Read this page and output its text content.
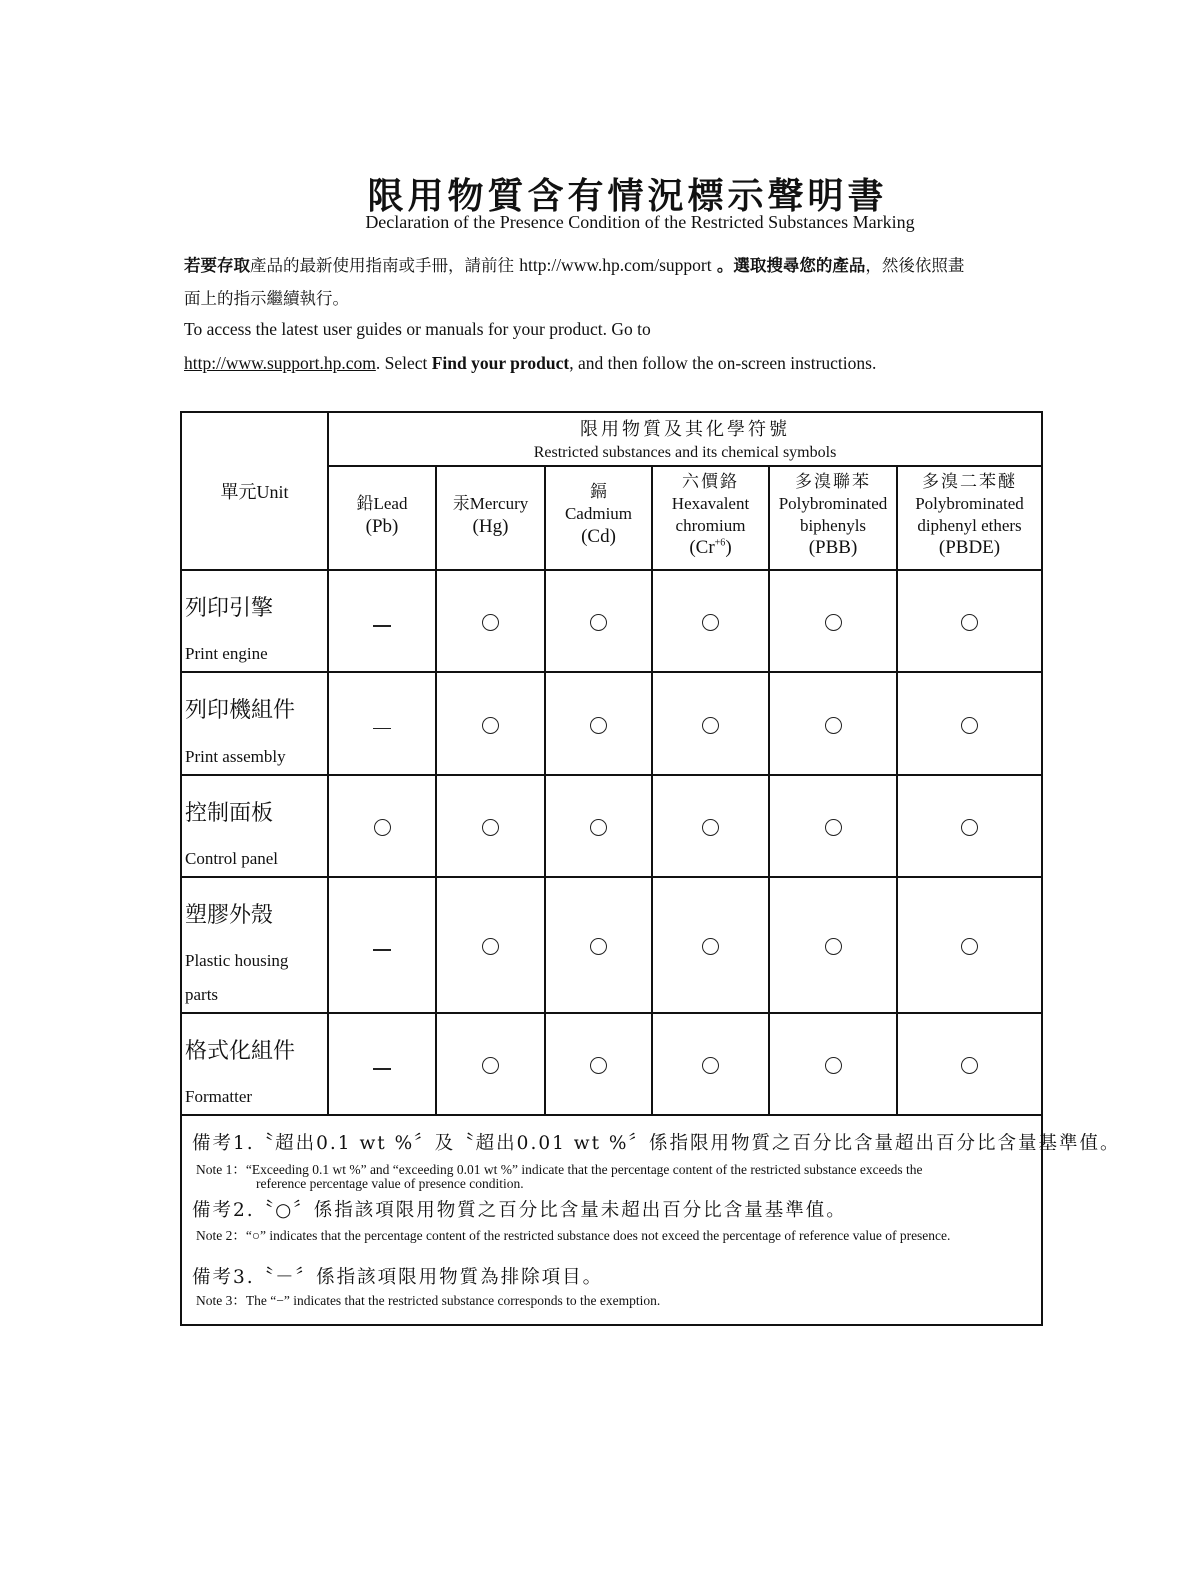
限用物質含有情況標示聲明書
Declaration of the Presence Condition of the Restricted Substances Marking
若要存取產品的最新使用指南或手冊，請前往 http://www.hp.com/support 。選取搜尋您的產品，然後依照畫
面上的指示繼續執行。
To access the latest user guides or manuals for your product. Go to
http://www.support.hp.com. Select Find your product, and then follow the on-screen instructions.
單元Unit
限用物質及其化學符號
Restricted substances and its chemical symbols
鉛Lead
(Pb)
汞Mercury
(Hg)
鎘
Cadmium
(Cd)
六價鉻
Hexavalent
chromium
$(Cr^{+6})$
多溴聯苯
Polybrominated
biphenyls
(PBB)
多溴二苯醚
Polybrominated
diphenyl ethers
(PBDE)
列印引擎
Print engine
列印機組件
Print assembly
控制面板
Control panel
塑膠外殼
Plastic housing
parts
格式化組件
Formatter
備考1.〝超出0.1 wt %〞及〝超出0.01 wt %〞係指限用物質之百分比含量超出百分比含量基準值。
Note 1：“Exceeding 0.1 wt %” and “exceeding 0.01 wt %” indicate that the percentage content of the restricted substance exceeds the
reference percentage value of presence condition.
備考2.〝○〞係指該項限用物質之百分比含量未超出百分比含量基準值。
Note 2：“○” indicates that the percentage content of the restricted substance does not exceed the percentage of reference value of presence.
備考3.〝－〞係指該項限用物質為排除項目。
Note 3：The “−” indicates that the restricted substance corresponds to the exemption.
